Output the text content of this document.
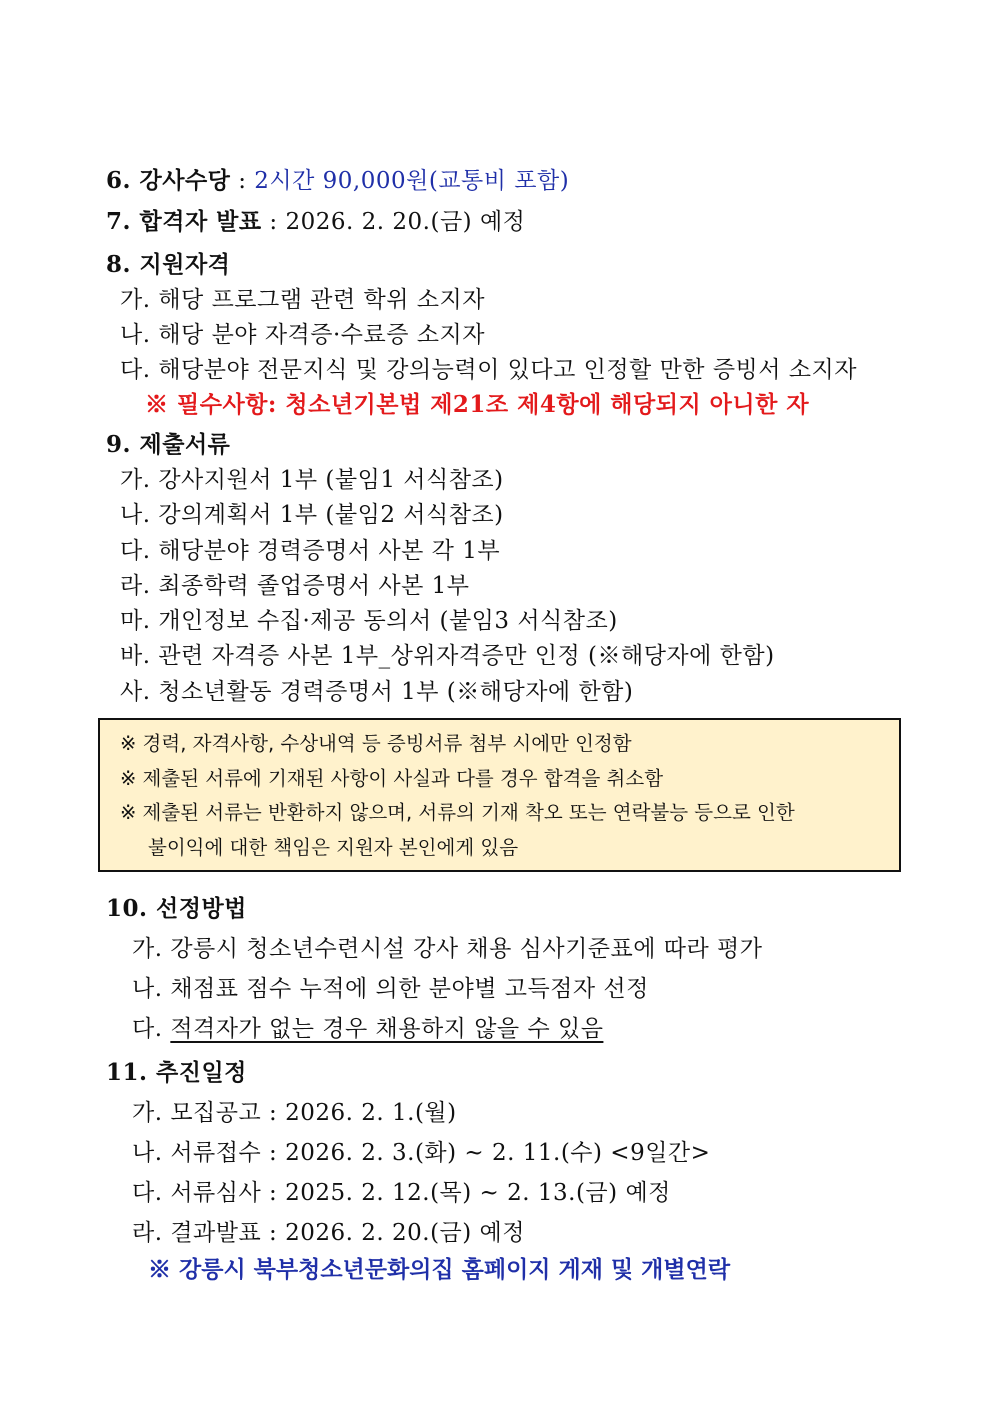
6. 강사수당 : 2시간 90,000원(교통비 포함)
7. 합격자 발표 : 2026. 2. 20.(금) 예정
8. 지원자격
가. 해당 프로그램 관련 학위 소지자
나. 해당 분야 자격증·수료증 소지자
다. 해당분야 전문지식 및 강의능력이 있다고 인정할 만한 증빙서 소지자
※ 필수사항: 청소년기본법 제21조 제4항에 해당되지 아니한 자
9. 제출서류
가. 강사지원서 1부 (붙임1 서식참조)
나. 강의계획서 1부 (붙임2 서식참조)
다. 해당분야 경력증명서 사본 각 1부
라. 최종학력 졸업증명서 사본 1부
마. 개인정보 수집·제공 동의서 (붙임3 서식참조)
바. 관련 자격증 사본 1부_상위자격증만 인정 (※해당자에 한함)
사. 청소년활동 경력증명서 1부 (※해당자에 한함)
※ 경력, 자격사항, 수상내역 등 증빙서류 첨부 시에만 인정함
※ 제출된 서류에 기재된 사항이 사실과 다를 경우 합격을 취소함
※ 제출된 서류는 반환하지 않으며, 서류의 기재 착오 또는 연락불능 등으로 인한
불이익에 대한 책임은 지원자 본인에게 있음
10. 선정방법
가. 강릉시 청소년수련시설 강사 채용 심사기준표에 따라 평가
나. 채점표 점수 누적에 의한 분야별 고득점자 선정
다. 적격자가 없는 경우 채용하지 않을 수 있음
11. 추진일정
가. 모집공고 : 2026. 2. 1.(월)
나. 서류접수 : 2026. 2. 3.(화) ~ 2. 11.(수) <9일간>
다. 서류심사 : 2025. 2. 12.(목) ~ 2. 13.(금) 예정
라. 결과발표 : 2026. 2. 20.(금) 예정
※ 강릉시 북부청소년문화의집 홈페이지 게재 및 개별연락
